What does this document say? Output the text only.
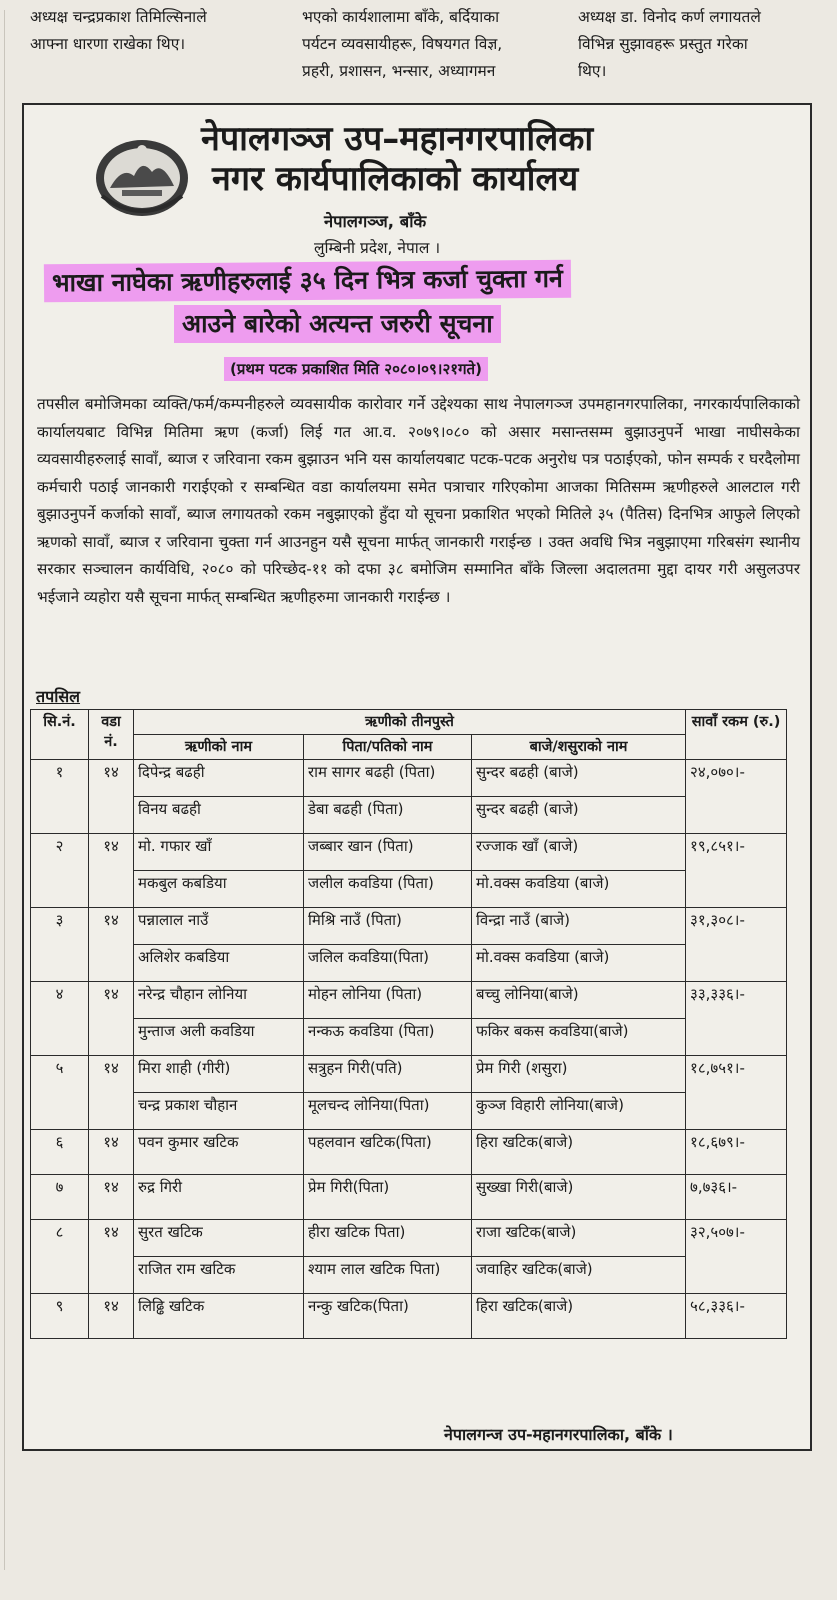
अध्यक्ष चन्द्रप्रकाश तिमिल्सिनाले
आफ्ना धारणा राखेका थिए।
भएको कार्यशालामा बाँके, बर्दियाका
पर्यटन व्यवसायीहरू, विषयगत विज्ञ,
प्रहरी, प्रशासन, भन्सार, अध्यागमन
अध्यक्ष डा. विनोद कर्ण लगायतले
विभिन्न सुझावहरू प्रस्तुत गरेका
थिए।
नेपालगञ्ज उप–महानगरपालिका
नगर कार्यपालिकाको कार्यालय
नेपालगञ्ज, बाँके
लुम्बिनी प्रदेश, नेपाल ।
भाखा नाघेका ऋणीहरुलाई ३५ दिन भित्र कर्जा चुक्ता गर्न
आउने बारेको अत्यन्त जरुरी सूचना
(प्रथम पटक प्रकाशित मिति २०८०।०९।२१गते)
तपसील बमोजिमका व्यक्ति/फर्म/कम्पनीहरुले व्यवसायीक कारोवार गर्ने उद्देश्यका साथ नेपालगञ्ज उपमहानगरपालिका, नगरकार्यपालिकाको कार्यालयबाट विभिन्न मितिमा ऋण (कर्जा) लिई गत आ.व. २०७९।०८० को असार मसान्तसम्म बुझाउनुपर्ने भाखा नाघीसकेका व्यवसायीहरुलाई सावाँ, ब्याज र जरिवाना रकम बुझाउन भनि यस कार्यालयबाट पटक-पटक अनुरोध पत्र पठाईएको, फोन सम्पर्क र घरदैलोमा कर्मचारी पठाई जानकारी गराईएको र सम्बन्धित वडा कार्यालयमा समेत पत्राचार गरिएकोमा आजका मितिसम्म ऋणीहरुले आलटाल गरी बुझाउनुपर्ने कर्जाको सावाँ, ब्याज लगायतको रकम नबुझाएको हुँदा यो सूचना प्रकाशित भएको मितिले ३५ (पैतिस) दिनभित्र आफुले लिएको ऋणको सावाँ, ब्याज र जरिवाना चुक्ता गर्न आउनहुन यसै सूचना मार्फत् जानकारी गराईन्छ । उक्त अवधि भित्र नबुझाएमा गरिबसंग स्थानीय सरकार सञ्चालन कार्यविधि, २०८० को परिच्छेद-११ को दफा ३८ बमोजिम सम्मानित बाँके जिल्ला अदालतमा मुद्दा दायर गरी असुलउपर भईजाने व्यहोरा यसै सूचना मार्फत् सम्बन्धित ऋणीहरुमा जानकारी गराईन्छ ।
तपसिल
सि.नं.	वडा नं.	ऋणीको तीनपुस्ते			सावाँ रकम (रु.)
		ऋणीको नाम	पिता/पतिको नाम	बाजे/शसुराको नाम	
१	१४	दिपेन्द्र बढही	राम सागर बढही (पिता)	सुन्दर बढही (बाजे)	२४,०७०।-
		विनय बढही	डेबा बढही (पिता)	सुन्दर बढही (बाजे)	
२	१४	मो. गफार खाँ	जब्बार खान (पिता)	रज्जाक खाँ (बाजे)	१९,८५१।-
		मकबुल कबडिया	जलील कवडिया (पिता)	मो.वक्स कवडिया (बाजे)	
३	१४	पन्नालाल नाउँ	मिश्रि नाउँ (पिता)	विन्द्रा नाउँ (बाजे)	३१,३०८।-
		अलिशेर कबडिया	जलिल कवडिया(पिता)	मो.वक्स कवडिया (बाजे)	
४	१४	नरेन्द्र चौहान लोनिया	मोहन लोनिया (पिता)	बच्चु लोनिया(बाजे)	३३,३३६।-
		मुन्ताज अली कवडिया	नन्कऊ कवडिया (पिता)	फकिर बकस कवडिया(बाजे)	
५	१४	मिरा शाही (गीरी)	सत्रुहन गिरी(पति)	प्रेम गिरी (शसुरा)	१८,७५१।-
		चन्द्र प्रकाश चौहान	मूलचन्द लोनिया(पिता)	कुञ्ज विहारी लोनिया(बाजे)	
६	१४	पवन कुमार खटिक	पहलवान खटिक(पिता)	हिरा खटिक(बाजे)	१८,६७९।-
७	१४	रुद्र गिरी	प्रेम गिरी(पिता)	सुख्खा गिरी(बाजे)	७,७३६।-
८	१४	सुरत खटिक	हीरा खटिक पिता)	राजा खटिक(बाजे)	३२,५०७।-
		राजित राम खटिक	श्याम लाल खटिक पिता)	जवाहिर खटिक(बाजे)	
९	१४	लिढ्ढि खटिक	नन्कु खटिक(पिता)	हिरा खटिक(बाजे)	५८,३३६।-
नेपालगन्ज उप-महानगरपालिका, बाँके ।
